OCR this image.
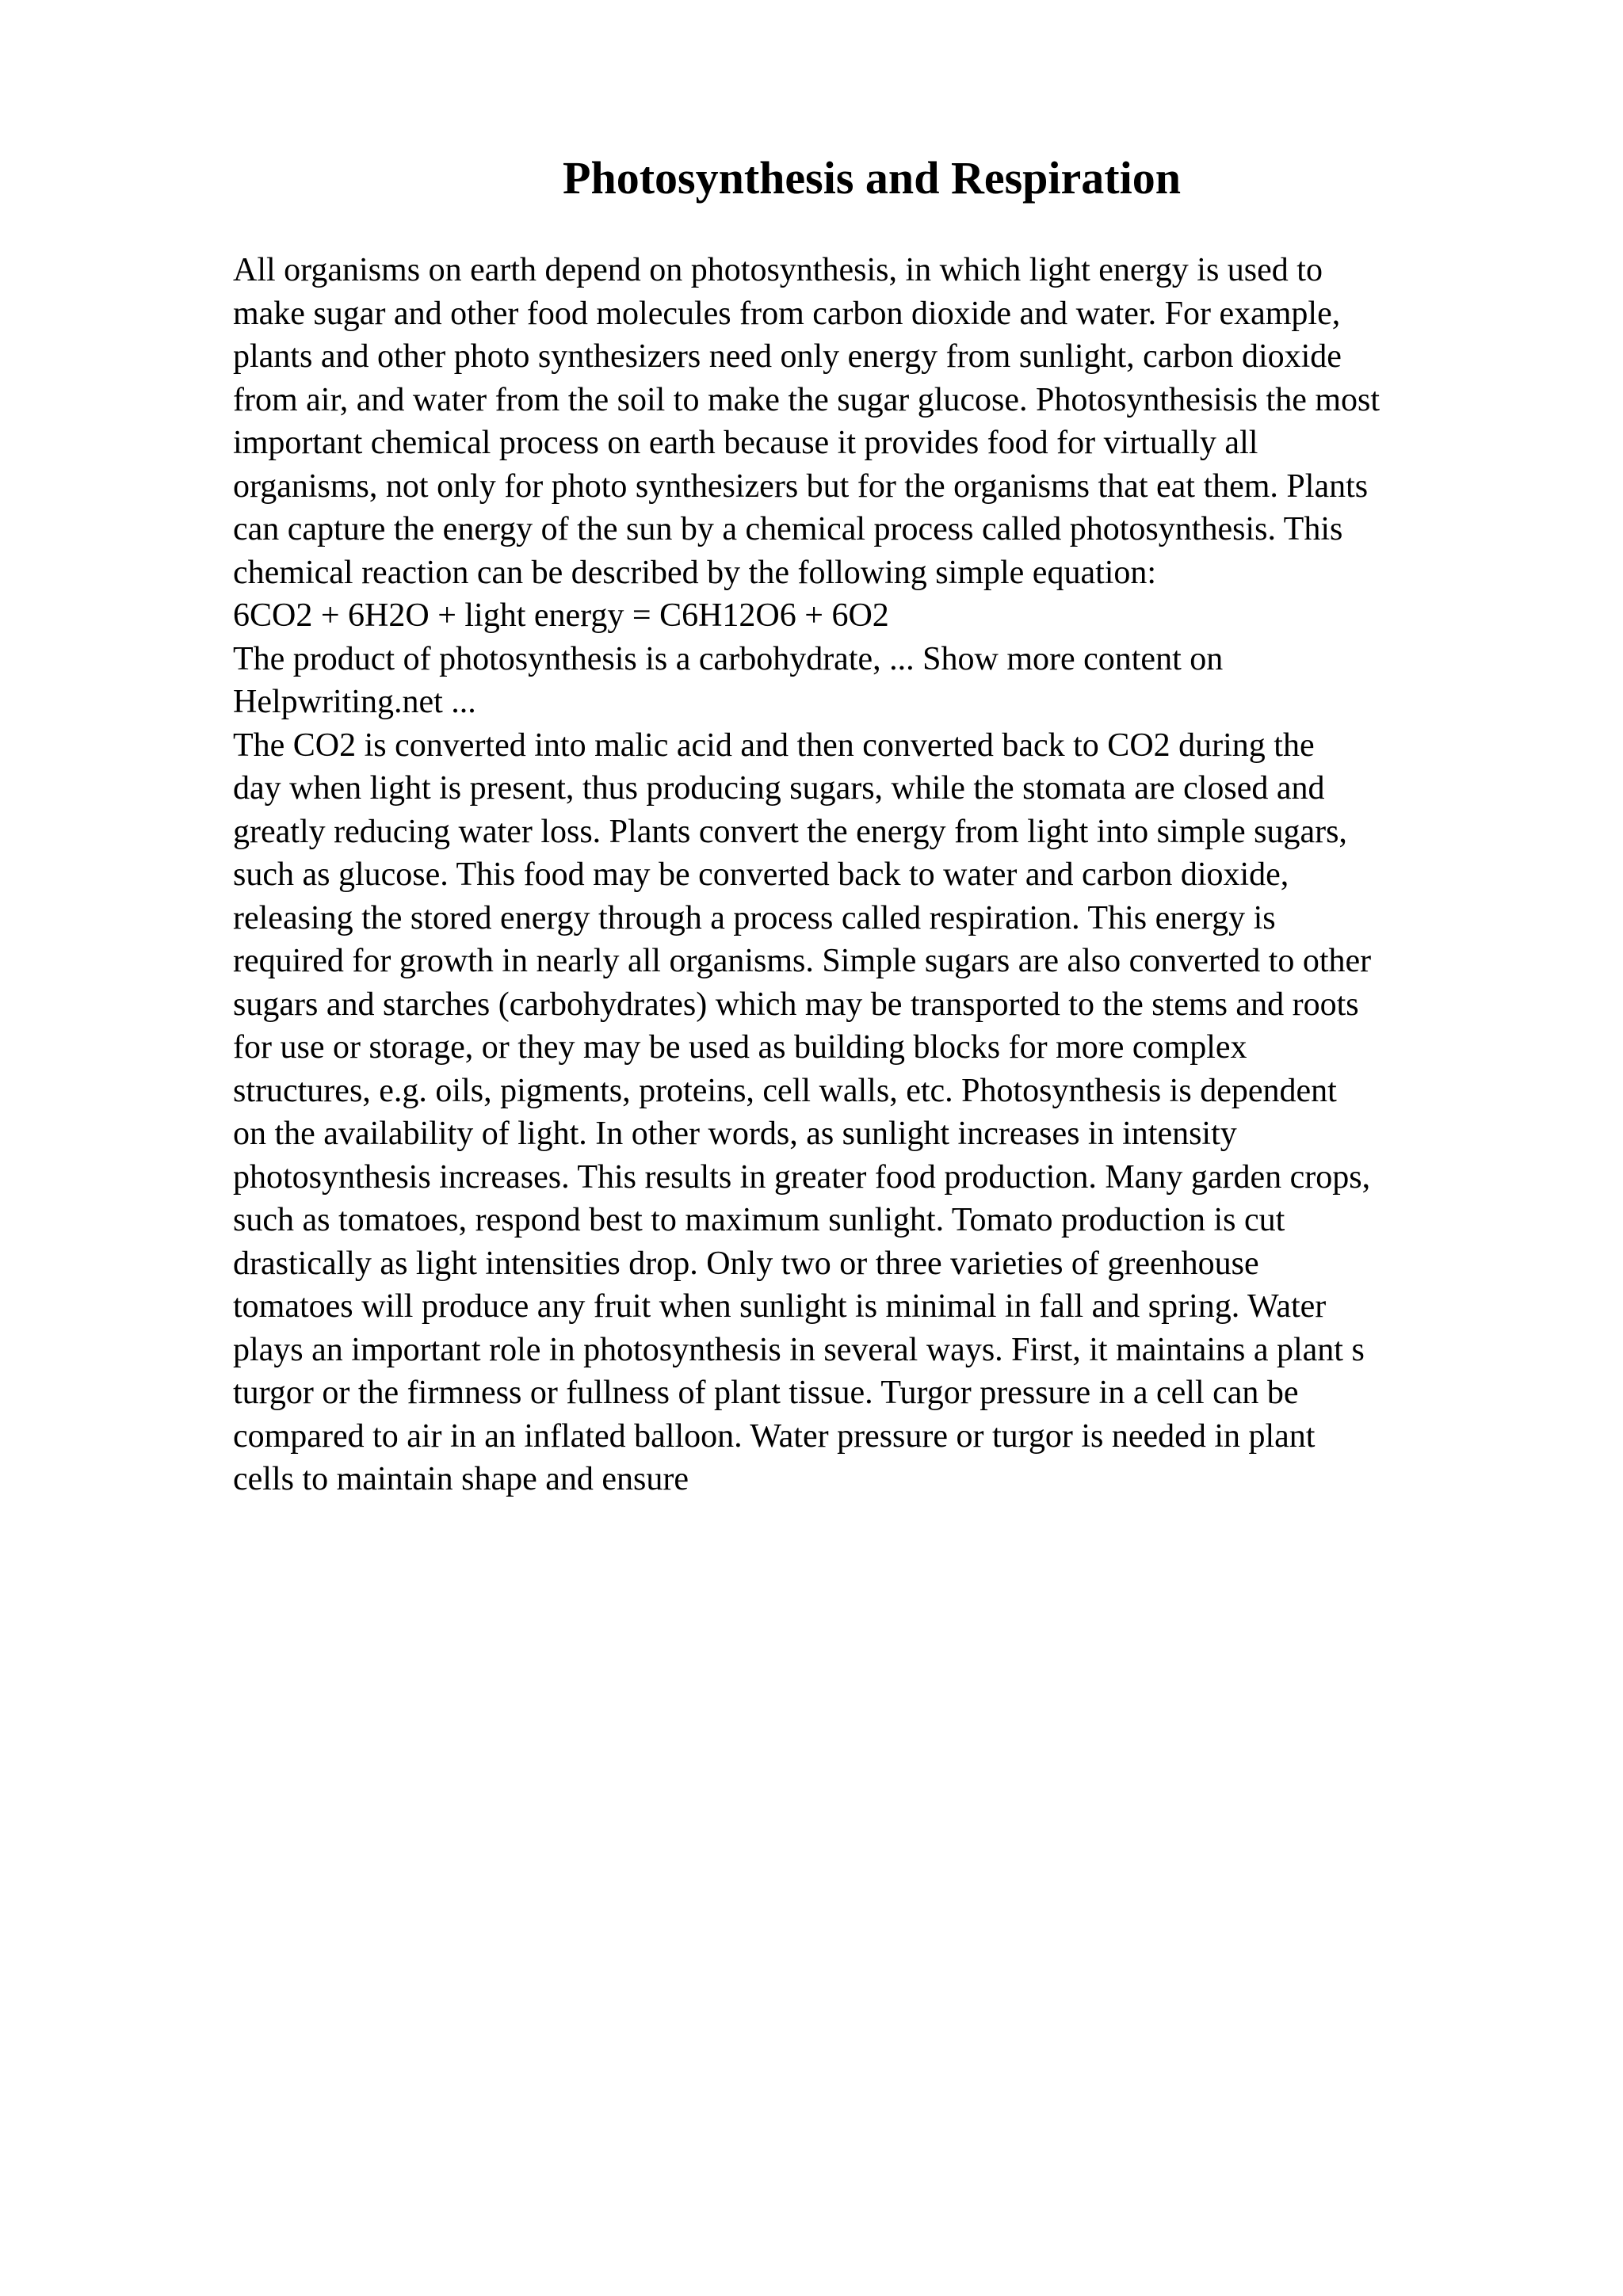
Photosynthesis and Respiration
All organisms on earth depend on photosynthesis, in which light energy is used to
make sugar and other food molecules from carbon dioxide and water. For example,
plants and other photo synthesizers need only energy from sunlight, carbon dioxide
from air, and water from the soil to make the sugar glucose. Photosynthesisis the most
important chemical process on earth because it provides food for virtually all
organisms, not only for photo synthesizers but for the organisms that eat them. Plants
can capture the energy of the sun by a chemical process called photosynthesis. This
chemical reaction can be described by the following simple equation:
6CO2 + 6H2O + light energy = C6H12O6 + 6O2
The product of photosynthesis is a carbohydrate, ... Show more content on
Helpwriting.net ...
The CO2 is converted into malic acid and then converted back to CO2 during the
day when light is present, thus producing sugars, while the stomata are closed and
greatly reducing water loss. Plants convert the energy from light into simple sugars,
such as glucose. This food may be converted back to water and carbon dioxide,
releasing the stored energy through a process called respiration. This energy is
required for growth in nearly all organisms. Simple sugars are also converted to other
sugars and starches (carbohydrates) which may be transported to the stems and roots
for use or storage, or they may be used as building blocks for more complex
structures, e.g. oils, pigments, proteins, cell walls, etc. Photosynthesis is dependent
on the availability of light. In other words, as sunlight increases in intensity
photosynthesis increases. This results in greater food production. Many garden crops,
such as tomatoes, respond best to maximum sunlight. Tomato production is cut
drastically as light intensities drop. Only two or three varieties of greenhouse
tomatoes will produce any fruit when sunlight is minimal in fall and spring. Water
plays an important role in photosynthesis in several ways. First, it maintains a plant s
turgor or the firmness or fullness of plant tissue. Turgor pressure in a cell can be
compared to air in an inflated balloon. Water pressure or turgor is needed in plant
cells to maintain shape and ensure
